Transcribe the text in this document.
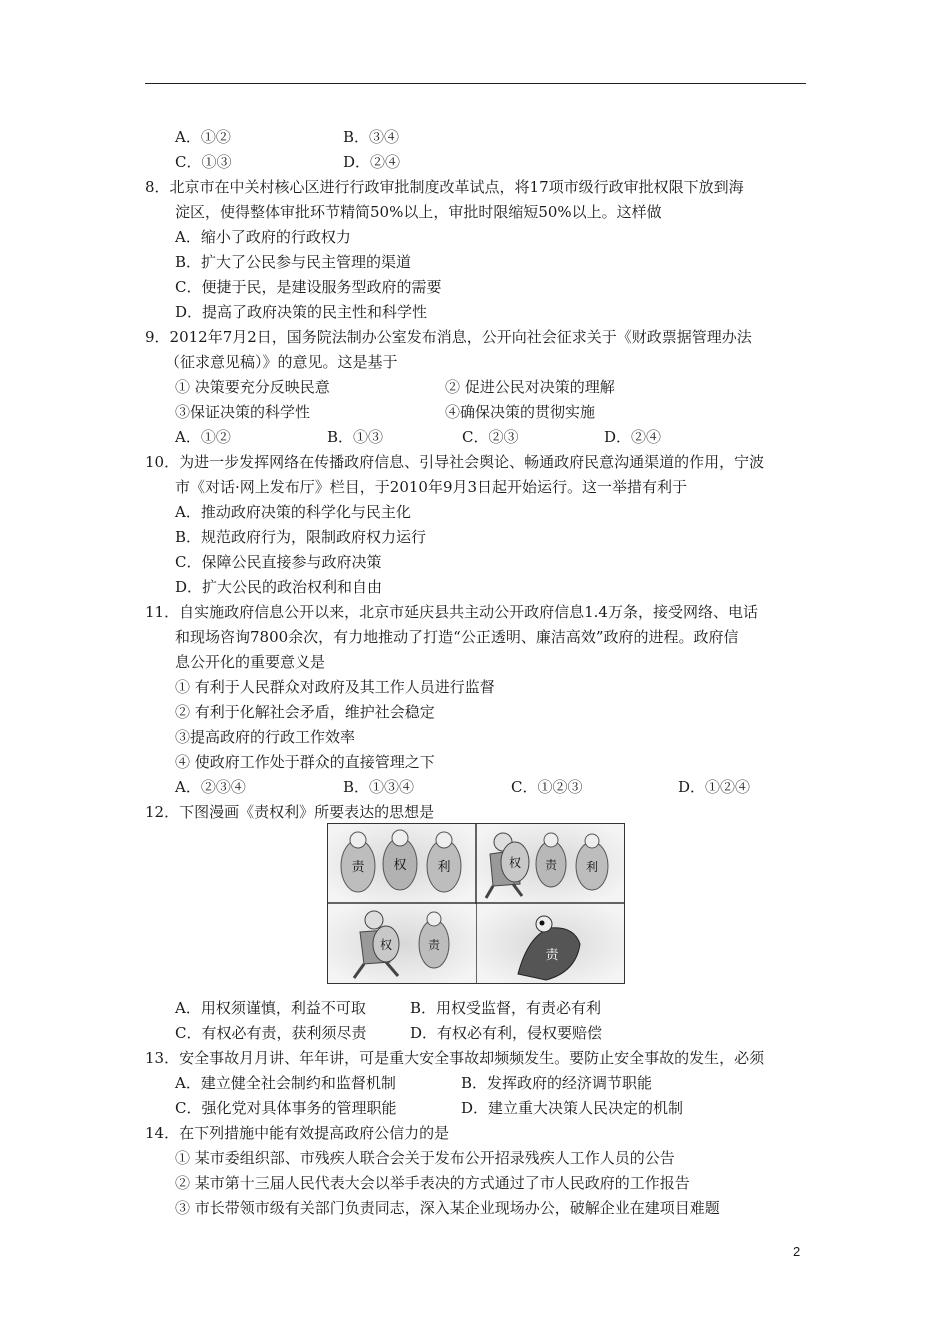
A．①②	B．③④
C．①③	D．②④
8．北京市在中关村核心区进行行政审批制度改革试点，将17项市级行政审批权限下放到海
淀区，使得整体审批环节精简50%以上，审批时限缩短50%以上。这样做
A．缩小了政府的行政权力
B．扩大了公民参与民主管理的渠道
C．便捷于民，是建设服务型政府的需要
D．提高了政府决策的民主性和科学性
9．2012年7月2日，国务院法制办公室发布消息，公开向社会征求关于《财政票据管理办法
（征求意见稿）》的意见。这是基于
① 决策要充分反映民意	② 促进公民对决策的理解
③保证决策的科学性	④确保决策的贯彻实施
A．①②	B．①③	C．②③	D．②④
10．为进一步发挥网络在传播政府信息、引导社会舆论、畅通政府民意沟通渠道的作用，宁波
市《对话·网上发布厅》栏目，于2010年9月3日起开始运行。这一举措有利于
A．推动政府决策的科学化与民主化
B．规范政府行为，限制政府权力运行
C．保障公民直接参与政府决策
D．扩大公民的政治权利和自由
11．自实施政府信息公开以来，北京市延庆县共主动公开政府信息1.4万条，接受网络、电话
和现场咨询7800余次，有力地推动了打造“公正透明、廉洁高效”政府的进程。政府信
息公开化的重要意义是
① 有利于人民群众对政府及其工作人员进行监督
② 有利于化解社会矛盾，维护社会稳定
③提高政府的行政工作效率
④ 使政府工作处于群众的直接管理之下
A．②③④	B．①③④	C．①②③	D．①②④
12．下图漫画《责权利》所要表达的思想是
责 权 利	权 责 利
权	责
责
A．用权须谨慎，利益不可取	B．用权受监督，有责必有利
C．有权必有责，获利须尽责	D．有权必有利，侵权要赔偿
13．安全事故月月讲、年年讲，可是重大安全事故却频频发生。要防止安全事故的发生，必须
A．建立健全社会制约和监督机制	B．发挥政府的经济调节职能
C．强化党对具体事务的管理职能	D．建立重大决策人民决定的机制
14．在下列措施中能有效提高政府公信力的是
① 某市委组织部、市残疾人联合会关于发布公开招录残疾人工作人员的公告
② 某市第十三届人民代表大会以举手表决的方式通过了市人民政府的工作报告
③ 市长带领市级有关部门负责同志，深入某企业现场办公，破解企业在建项目难题
2
